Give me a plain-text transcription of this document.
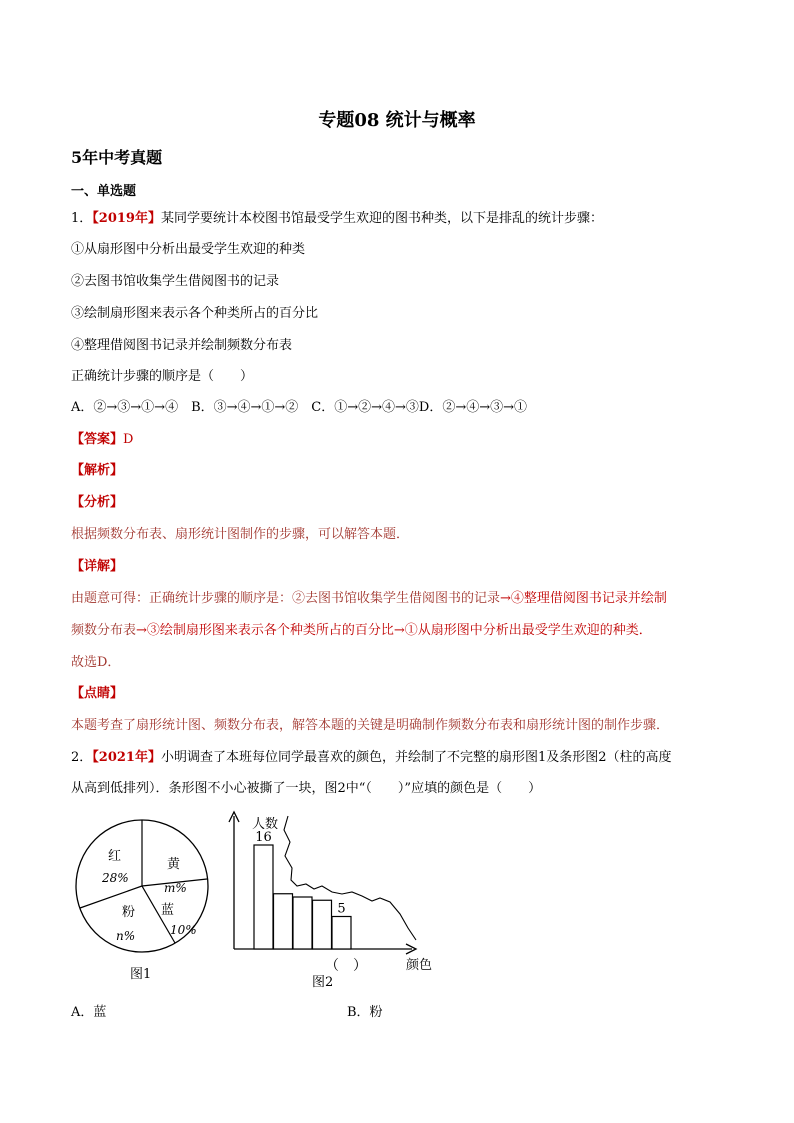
专题08 统计与概率
5年中考真题
一、单选题
1．【2019年】某同学要统计本校图书馆最受学生欢迎的图书种类，以下是排乱的统计步骤：
①从扇形图中分析出最受学生欢迎的种类
②去图书馆收集学生借阅图书的记录
③绘制扇形图来表示各个种类所占的百分比
④整理借阅图书记录并绘制频数分布表
正确统计步骤的顺序是（　　）
A．②→③→①→④　B．③→④→①→②　C．①→②→④→③D．②→④→③→①
【答案】D
【解析】
【分析】
根据频数分布表、扇形统计图制作的步骤，可以解答本题．
【详解】
由题意可得：正确统计步骤的顺序是：②去图书馆收集学生借阅图书的记录→④整理借阅图书记录并绘制
频数分布表→③绘制扇形图来表示各个种类所占的百分比→①从扇形图中分析出最受学生欢迎的种类．
故选D．
【点睛】
本题考查了扇形统计图、频数分布表，解答本题的关键是明确制作频数分布表和扇形统计图的制作步骤．
2．【2021年】小明调查了本班每位同学最喜欢的颜色，并绘制了不完整的扇形图1及条形图2（柱的高度
从高到低排列）．条形图不小心被撕了一块，图2中“（　　）”应填的颜色是（　　）
红
28%
黄
m%
蓝
10%
粉
n%
图1
16
5
人数
颜色
（　）
图2
A．蓝	B．粉
